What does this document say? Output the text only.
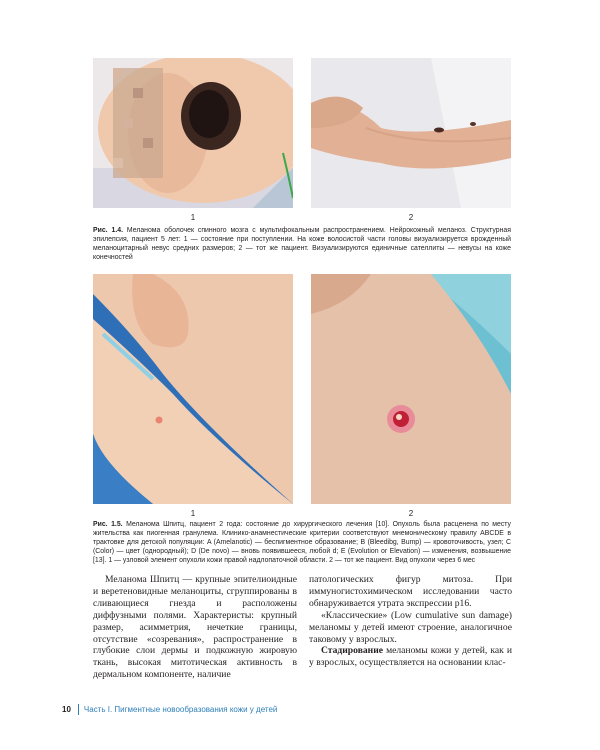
1	2
Рис. 1.4. Меланома оболочек спинного мозга с мультифокальным распространением. Нейрокожный меланоз. Структурная эпилепсия, пациент 5 лет: 1 — состояние при поступлении. На коже волосистой части головы визуализируется врожденный меланоцитарный невус средних размеров; 2 — тот же пациент. Визуализируются единичные сателлиты — невусы на коже конечностей
1	2
Рис. 1.5. Меланома Шпитц, пациент 2 года: состояние до хирургического лечения [10]. Опухоль была расценена по месту жительства как пиогенная гранулема. Клинико-анамнестические критерии соответствуют мнемоническому правилу ABCDE в трактовке для детской популяции: A (Amelanotic) — беспигментное образование; B (Bleedibg, Bump) — кровоточивость, узел; C (Color) — цвет (однородный); D (De novo) — вновь появившееся, любой d; E (Evolution or Elevation) — изменения, возвышение [13]. 1 — узловой элемент опухоли кожи правой надлопаточной области. 2 — тот же пациент. Вид опухоли через 6 мес

Меланома Шпитц — крупные эпителиоидные и веретеновидные меланоциты, сгруппированы в сливающиеся гнезда и расположены диффузными полями. Характеристы: крупный размер, асимметрия, нечеткие границы, отсутствие «созревания», распространение в глубокие слои дермы и подкожную жировую ткань, высокая митотическая активность в дермальном компоненте, наличие

патологических фигур митоза. При иммуногистохимическом исследовании часто обнаруживается утрата экспрессии p16.

«Классические» (Low cumulative sun damage) меланомы у детей имеют строение, аналогичное таковому у взрослых.

Стадирование меланомы кожи у детей, как и у взрослых, осуществляется на основании клас-

10 Часть I. Пигментные новообразования кожи у детей
